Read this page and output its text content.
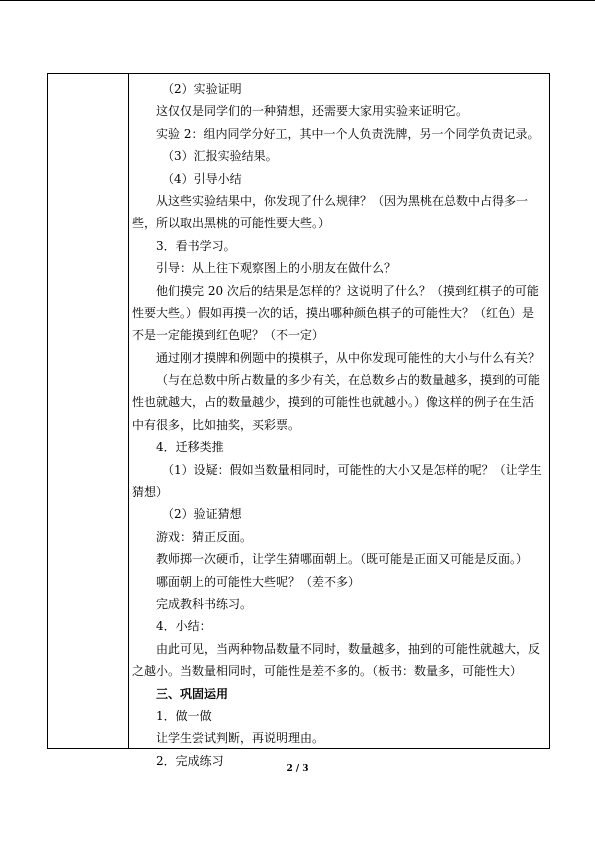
（2）实验证明
这仅仅是同学们的一种猜想，还需要大家用实验来证明它。
实验 2：组内同学分好工，其中一个人负责洗牌，另一个同学负责记录。
（3）汇报实验结果。
（4）引导小结
从这些实验结果中，你发现了什么规律？（因为黑桃在总数中占得多一
些，所以取出黑桃的可能性要大些。）
3．看书学习。
引导：从上往下观察图上的小朋友在做什么？
他们摸完 20 次后的结果是怎样的？这说明了什么？（摸到红棋子的可能
性要大些。）假如再摸一次的话，摸出哪种颜色棋子的可能性大？（红色）是
不是一定能摸到红色呢？（不一定）
通过刚才摸牌和例题中的摸棋子，从中你发现可能性的大小与什么有关？
（与在总数中所占数量的多少有关，在总数乡占的数量越多，摸到的可能
性也就越大，占的数量越少，摸到的可能性也就越小。）像这样的例子在生活
中有很多，比如抽奖，买彩票。
4．迁移类推
（1）设疑：假如当数量相同时，可能性的大小又是怎样的呢？（让学生
猜想）
（2）验证猜想
游戏：猜正反面。
教师掷一次硬币，让学生猜哪面朝上。（既可能是正面又可能是反面。）
哪面朝上的可能性大些呢？（差不多）
完成教科书练习。
4．小结：
由此可见，当两种物品数量不同时，数量越多，抽到的可能性就越大，反
之越小。当数量相同时，可能性是差不多的。（板书：数量多，可能性大）
三、巩固运用
1．做一做
让学生尝试判断，再说明理由。
2．完成练习
2 / 3
